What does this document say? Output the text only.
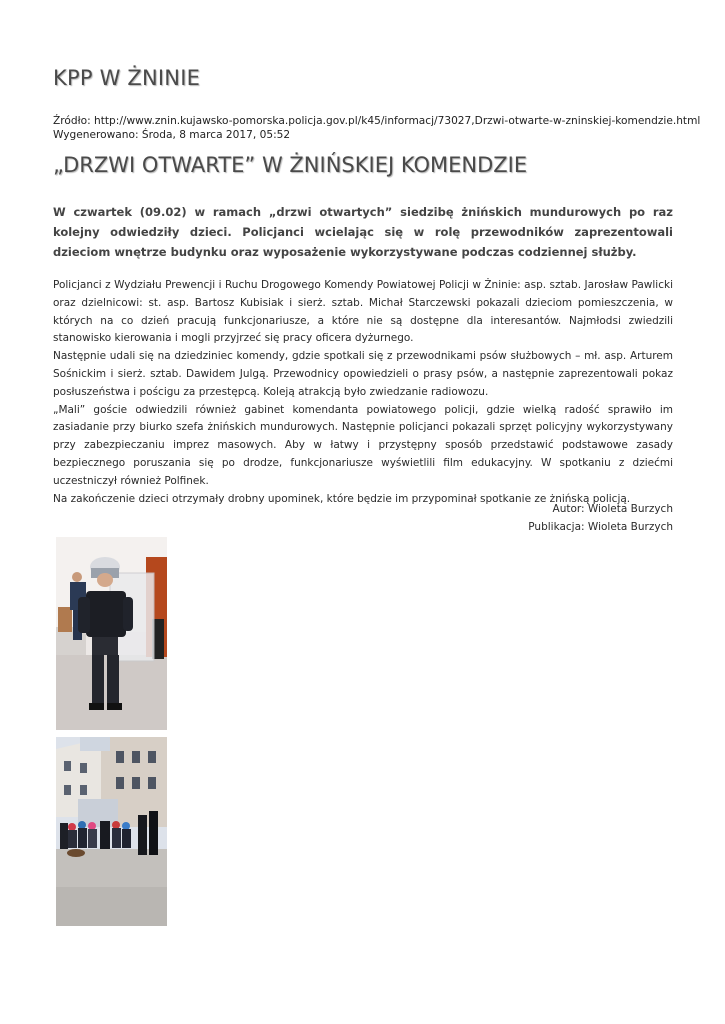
KPP W ŻNINIE
Źródło: http://www.znin.kujawsko-pomorska.policja.gov.pl/k45/informacj/73027,Drzwi-otwarte-w-zninskiej-komendzie.html
Wygenerowano: Środa, 8 marca 2017, 05:52
„DRZWI OTWARTE” W ŻNIŃSKIEJ KOMENDZIE

W czwartek (09.02) w ramach „drzwi otwartych” siedzibę żnińskich mundurowych po raz kolejny odwiedziły dzieci. Policjanci wcielając się w rolę przewodników zaprezentowali dzieciom wnętrze budynku oraz wyposażenie wykorzystywane podczas codziennej służby.

Policjanci z Wydziału Prewencji i Ruchu Drogowego Komendy Powiatowej Policji w Żninie: asp. sztab. Jarosław Pawlicki oraz dzielnicowi: st. asp. Bartosz Kubisiak i sierż. sztab. Michał Starczewski pokazali dzieciom pomieszczenia, w których na co dzień pracują funkcjonariusze, a które nie są dostępne dla interesantów. Najmłodsi zwiedzili stanowisko kierowania i mogli przyjrzeć się pracy oficera dyżurnego.

Następnie udali się na dziedziniec komendy, gdzie spotkali się z przewodnikami psów służbowych – mł. asp. Arturem Sośnickim i sierż. sztab. Dawidem Julgą. Przewodnicy opowiedzieli o prasy psów, a następnie zaprezentowali pokaz posłuszeństwa i pościgu za przestępcą. Koleją atrakcją było zwiedzanie radiowozu.

„Mali” goście odwiedzili również gabinet komendanta powiatowego policji, gdzie wielką radość sprawiło im zasiadanie przy biurko szefa żnińskich mundurowych. Następnie policjanci pokazali sprzęt policyjny wykorzystywany przy zabezpieczaniu imprez masowych. Aby w łatwy i przystępny sposób przedstawić podstawowe zasady bezpiecznego poruszania się po drodze, funkcjonariusze wyświetlili film edukacyjny. W spotkaniu z dziećmi uczestniczył również Polfinek.

Na zakończenie dzieci otrzymały drobny upominek, które będzie im przypominał spotkanie ze żnińską policją.

Autor: Wioleta Burzych
Publikacja: Wioleta Burzych
